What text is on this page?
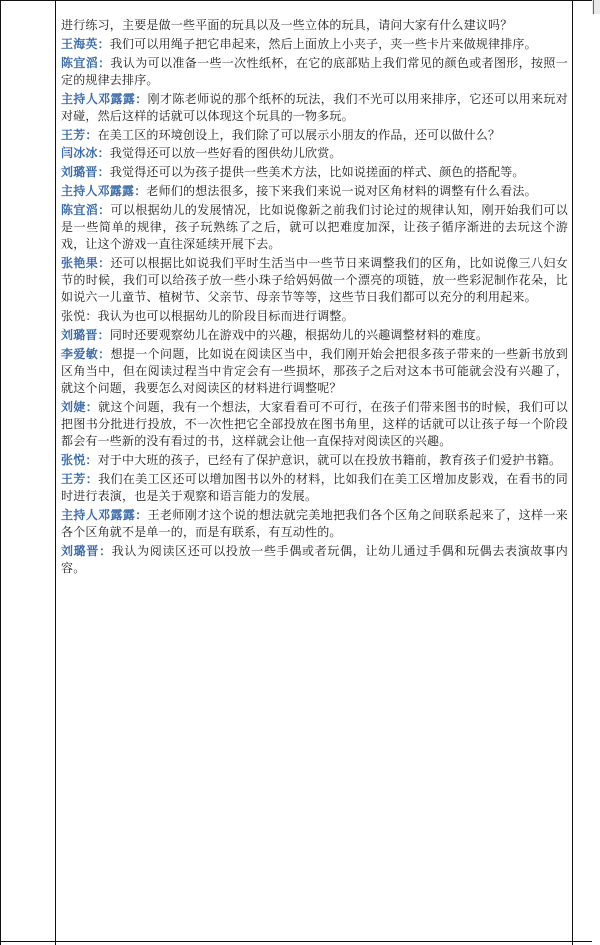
进行练习，主要是做一些平面的玩具以及一些立体的玩具，请问大家有什么建议吗？

王海英：我们可以用绳子把它串起来，然后上面放上小夹子，夹一些卡片来做规律排序。

陈宜滔：我认为可以准备一些一次性纸杯，在它的底部贴上我们常见的颜色或者图形，按照一定的规律去排序。

主持人邓露露：刚才陈老师说的那个纸杯的玩法，我们不光可以用来排序，它还可以用来玩对对碰，然后这样的话就可以体现这个玩具的一物多玩。

王芳：在美工区的环境创设上，我们除了可以展示小朋友的作品，还可以做什么？

闫冰冰：我觉得还可以放一些好看的图供幼儿欣赏。

刘璐晋：我觉得还可以为孩子提供一些美术方法，比如说搓面的样式、颜色的搭配等。

主持人邓露露：老师们的想法很多，接下来我们来说一说对区角材料的调整有什么看法。

陈宜滔：可以根据幼儿的发展情况，比如说像新之前我们讨论过的规律认知，刚开始我们可以是一些简单的规律，孩子玩熟练了之后，就可以把难度加深，让孩子循序渐进的去玩这个游戏，让这个游戏一直往深延续开展下去。

张艳果：还可以根据比如说我们平时生活当中一些节日来调整我们的区角，比如说像三八妇女节的时候，我们可以给孩子放一些小珠子给妈妈做一个漂亮的项链，放一些彩泥制作花朵，比如说六一儿童节、植树节、父亲节、母亲节等等，这些节日我们都可以充分的利用起来。

张悦：我认为也可以根据幼儿的阶段目标而进行调整。

刘璐晋：同时还要观察幼儿在游戏中的兴趣，根据幼儿的兴趣调整材料的难度。

李爱敏：想提一个问题，比如说在阅读区当中，我们刚开始会把很多孩子带来的一些新书放到区角当中，但在阅读过程当中肯定会有一些损坏，那孩子之后对这本书可能就会没有兴趣了，就这个问题，我要怎么对阅读区的材料进行调整呢？

刘婕：就这个问题，我有一个想法，大家看看可不可行，在孩子们带来图书的时候，我们可以把图书分批进行投放，不一次性把它全部投放在图书角里，这样的话就可以让孩子每一个阶段都会有一些新的没有看过的书，这样就会让他一直保持对阅读区的兴趣。

张悦：对于中大班的孩子，已经有了保护意识，就可以在投放书籍前，教育孩子们爱护书籍。

王芳：我们在美工区还可以增加图书以外的材料，比如我们在美工区增加皮影戏，在看书的同时进行表演，也是关于观察和语言能力的发展。

主持人邓露露：王老师刚才这个说的想法就完美地把我们各个区角之间联系起来了，这样一来各个区角就不是单一的，而是有联系，有互动性的。

刘璐晋：我认为阅读区还可以投放一些手偶或者玩偶，让幼儿通过手偶和玩偶去表演故事内容。
